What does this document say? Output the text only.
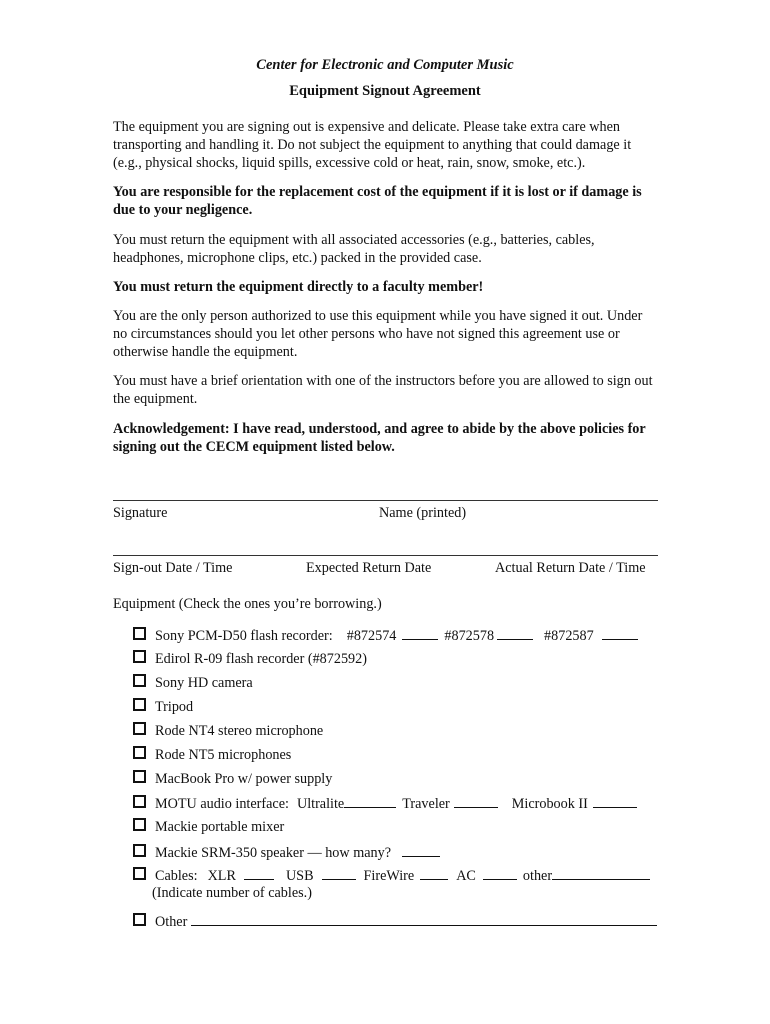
Center for Electronic and Computer Music
Equipment Signout Agreement

The equipment you are signing out is expensive and delicate. Please take extra care when transporting and handling it. Do not subject the equipment to anything that could damage it (e.g., physical shocks, liquid spills, excessive cold or heat, rain, snow, smoke, etc.).

You are responsible for the replacement cost of the equipment if it is lost or if damage is due to your negligence.

You must return the equipment with all associated accessories (e.g., batteries, cables, headphones, microphone clips, etc.) packed in the provided case.

You must return the equipment directly to a faculty member!

You are the only person authorized to use this equipment while you have signed it out. Under no circumstances should you let other persons who have not signed this agreement use or otherwise handle the equipment.

You must have a brief orientation with one of the instructors before you are allowed to sign out the equipment.

Acknowledgement: I have read, understood, and agree to abide by the above policies for signing out the CECM equipment listed below.

Signature	Name (printed)
Sign-out Date / Time	Expected Return Date	Actual Return Date / Time
Equipment (Check the ones you’re borrowing.)
Sony PCM-D50 flash recorder: #872574	#872578	#872587
Edirol R-09 flash recorder (#872592)
Sony HD camera
Tripod
Rode NT4 stereo microphone
Rode NT5 microphones
MacBook Pro w/ power supply
MOTU audio interface: Ultralite	Traveler	Microbook II
Mackie portable mixer
Mackie SRM-350 speaker — how many?
Cables: XLR	USB	FireWire	AC	other
(Indicate number of cables.)
Other
